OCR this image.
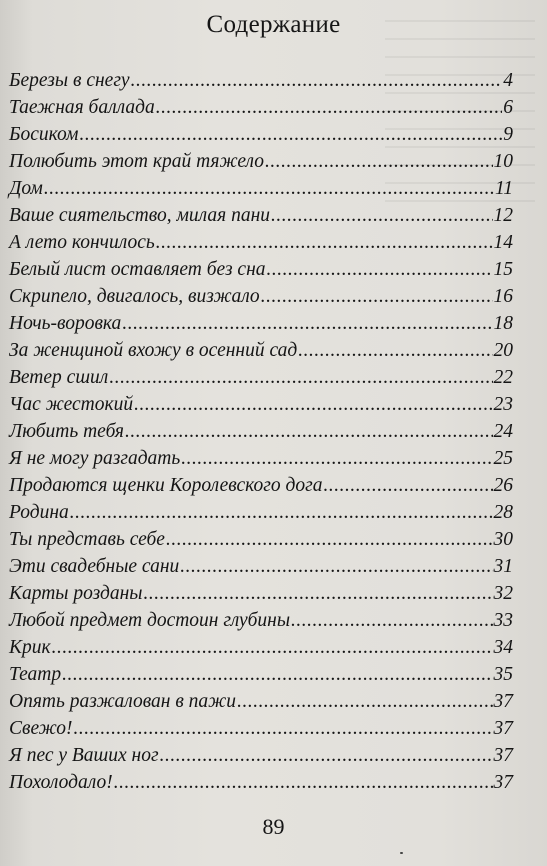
Содержание
Березы в снегу .....	4
Таежная баллада .....	6
Босиком .....	9
Полюбить этот край тяжело .....	10
Дом .....	11
Ваше сиятельство, милая пани .....	12
А лето кончилось .....	14
Белый лист оставляет без сна .....	15
Скрипело, двигалось, визжало .....	16
Ночь-воровка .....	18
За женщиной вхожу в осенний сад .....	20
Ветер сшил .....	22
Час жестокий .....	23
Любить тебя .....	24
Я не могу разгадать .....	25
Продаются щенки Королевского дога .....	26
Родина .....	28
Ты представь себе .....	30
Эти свадебные сани .....	31
Карты розданы .....	32
Любой предмет достоин глубины .....	33
Крик .....	34
Театр .....	35
Опять разжалован в пажи .....	37
Свежо! .....	37
Я пес у Ваших ног .....	37
Похолодало! .....	37
89
